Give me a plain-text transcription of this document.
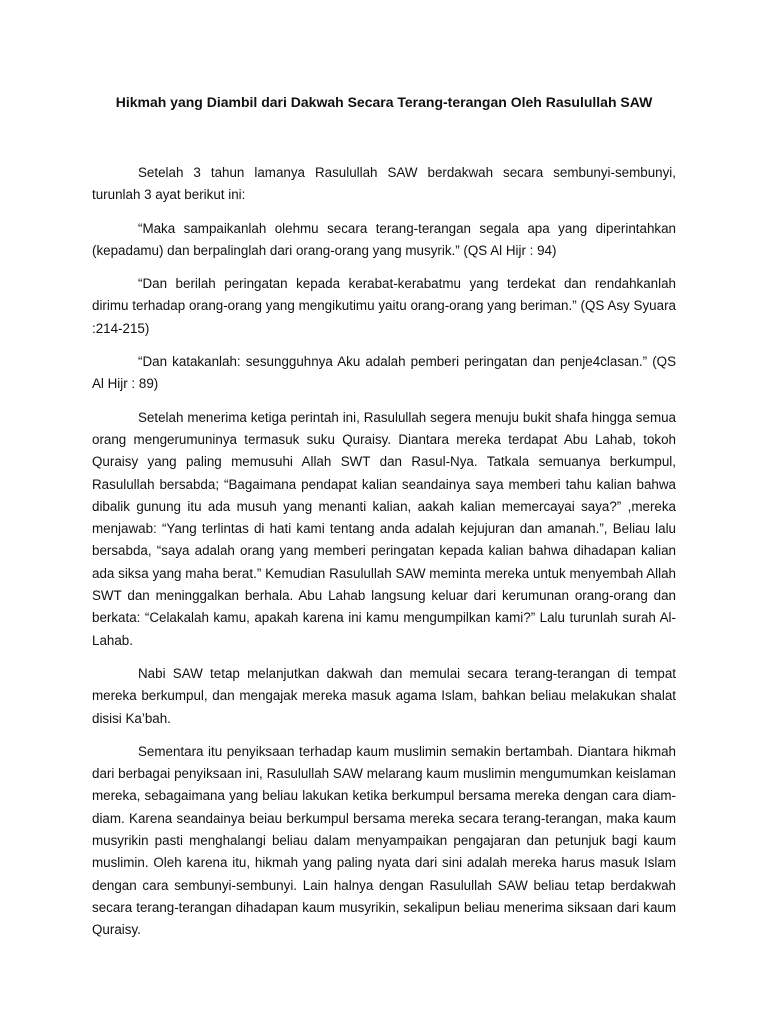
Hikmah yang Diambil dari Dakwah Secara Terang-terangan Oleh Rasulullah SAW

Setelah 3 tahun lamanya Rasulullah SAW berdakwah secara sembunyi-sembunyi, turunlah 3 ayat berikut ini:

“Maka sampaikanlah olehmu secara terang-terangan segala apa yang diperintahkan (kepadamu) dan berpalinglah dari orang-orang yang musyrik.” (QS Al Hijr : 94)

“Dan berilah peringatan kepada kerabat-kerabatmu yang terdekat dan rendahkanlah dirimu terhadap orang-orang yang mengikutimu yaitu orang-orang yang beriman.” (QS Asy Syuara :214-215)

“Dan katakanlah: sesungguhnya Aku adalah pemberi peringatan dan penje4clasan.” (QS Al Hijr : 89)

Setelah menerima ketiga perintah ini, Rasulullah segera menuju bukit shafa hingga semua orang mengerumuninya termasuk suku Quraisy. Diantara mereka terdapat Abu Lahab, tokoh Quraisy yang paling memusuhi Allah SWT dan Rasul-Nya. Tatkala semuanya berkumpul, Rasulullah bersabda; “Bagaimana pendapat kalian seandainya saya memberi tahu kalian bahwa dibalik gunung itu ada musuh yang menanti kalian, aakah kalian memercayai saya?” ,mereka menjawab: “Yang terlintas di hati kami tentang anda adalah kejujuran dan amanah.”, Beliau lalu bersabda, “saya adalah orang yang memberi peringatan kepada kalian bahwa dihadapan kalian ada siksa yang maha berat.” Kemudian Rasulullah SAW meminta mereka untuk menyembah Allah SWT dan meninggalkan berhala. Abu Lahab langsung keluar dari kerumunan orang-orang dan berkata: “Celakalah kamu, apakah karena ini kamu mengumpilkan kami?” Lalu turunlah surah Al-Lahab.

Nabi SAW tetap melanjutkan dakwah dan memulai secara terang-terangan di tempat mereka berkumpul, dan mengajak mereka masuk agama Islam, bahkan beliau melakukan shalat disisi Ka’bah.

Sementara itu penyiksaan terhadap kaum muslimin semakin bertambah. Diantara hikmah dari berbagai penyiksaan ini, Rasulullah SAW melarang kaum muslimin mengumumkan keislaman mereka, sebagaimana yang beliau lakukan ketika berkumpul bersama mereka dengan cara diam-diam. Karena seandainya beiau berkumpul bersama mereka secara terang-terangan, maka kaum musyrikin pasti menghalangi beliau dalam menyampaikan pengajaran dan petunjuk bagi kaum muslimin. Oleh karena itu, hikmah yang paling nyata dari sini adalah mereka harus masuk Islam dengan cara sembunyi-sembunyi. Lain halnya dengan Rasulullah SAW beliau tetap berdakwah secara terang-terangan dihadapan kaum musyrikin, sekalipun beliau menerima siksaan dari kaum Quraisy.
